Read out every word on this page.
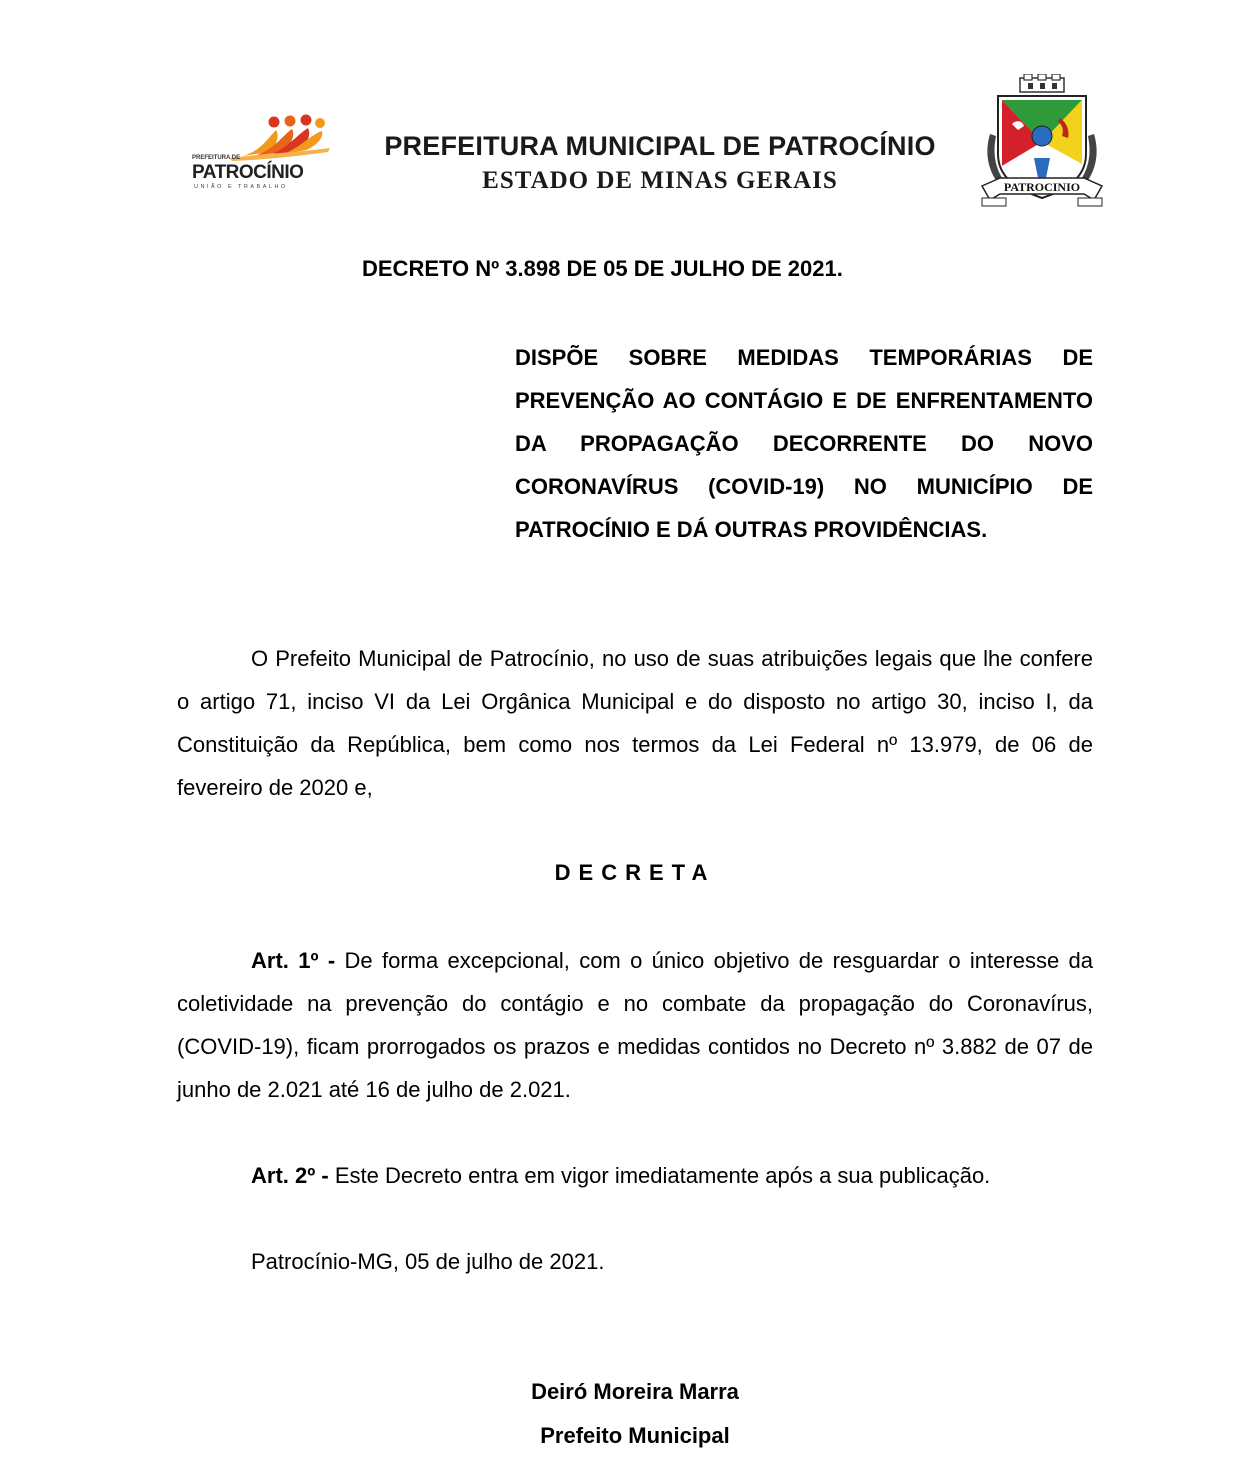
PREFEITURA DE
PATROCÍNIO
UNIÃO E TRABALHO
PREFEITURA MUNICIPAL DE PATROCÍNIO
ESTADO DE MINAS GERAIS	PATROCINIO
DECRETO Nº 3.898 DE 05 DE JULHO DE 2021.
DISPÕE SOBRE MEDIDAS TEMPORÁRIAS DE PREVENÇÃO AO CONTÁGIO E DE ENFRENTAMENTO DA PROPAGAÇÃO DECORRENTE DO NOVO CORONAVÍRUS (COVID-19) NO MUNICÍPIO DE PATROCÍNIO E DÁ OUTRAS PROVIDÊNCIAS.
O Prefeito Municipal de Patrocínio, no uso de suas atribuições legais que lhe confere o artigo 71, inciso VI da Lei Orgânica Municipal e do disposto no artigo 30, inciso I, da Constituição da República, bem como nos termos da Lei Federal nº 13.979, de 06 de fevereiro de 2020 e,
DECRETA
Art. 1º - De forma excepcional, com o único objetivo de resguardar o interesse da coletividade na prevenção do contágio e no combate da propagação do Coronavírus, (COVID-19), ficam prorrogados os prazos e medidas contidos no Decreto nº 3.882 de 07 de junho de 2.021 até 16 de julho de 2.021.
Art. 2º - Este Decreto entra em vigor imediatamente após a sua publicação.
Patrocínio-MG, 05 de julho de 2021.
Deiró Moreira Marra
Prefeito Municipal
